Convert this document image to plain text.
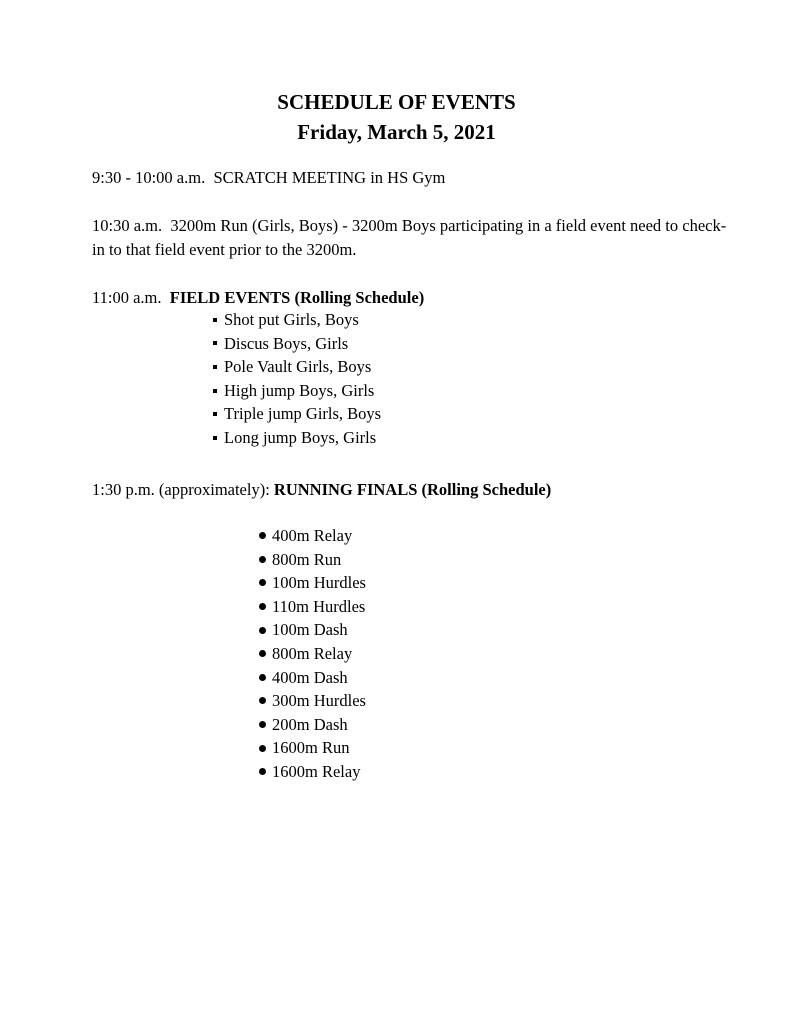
SCHEDULE OF EVENTS
Friday, March 5, 2021
9:30 - 10:00 a.m. SCRATCH MEETING in HS Gym
10:30 a.m. 3200m Run (Girls, Boys) - 3200m Boys participating in a field event need to check-in to that field event prior to the 3200m.
11:00 a.m. FIELD EVENTS (Rolling Schedule)
Shot put Girls, Boys
Discus Boys, Girls
Pole Vault Girls, Boys
High jump Boys, Girls
Triple jump Girls, Boys
Long jump Boys, Girls
1:30 p.m. (approximately): RUNNING FINALS (Rolling Schedule)
400m Relay
800m Run
100m Hurdles
110m Hurdles
100m Dash
800m Relay
400m Dash
300m Hurdles
200m Dash
1600m Run
1600m Relay
